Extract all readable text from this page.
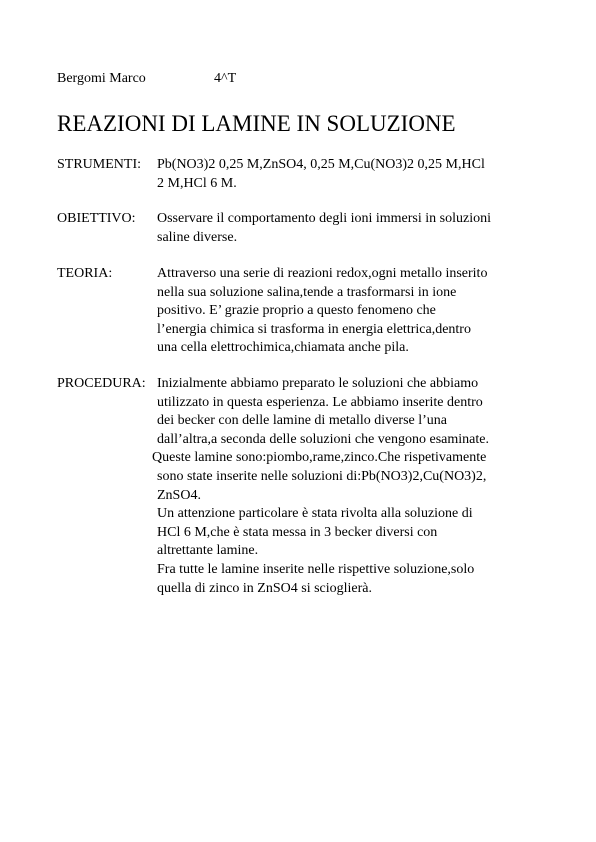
Bergomi Marco	4^T
REAZIONI DI LAMINE IN SOLUZIONE
STRUMENTI: Pb(NO3)2 0,25 M,ZnSO4, 0,25 M,Cu(NO3)2 0,25 M,HCl

2 M,HCl 6 M.

OBIETTIVO: Osservare il comportamento degli ioni immersi in soluzioni

saline diverse.

TEORIA:	Attraverso una serie di reazioni redox,ogni metallo inserito

nella sua soluzione salina,tende a trasformarsi in ione

positivo. E’ grazie proprio a questo fenomeno che

l’energia chimica si trasforma in energia elettrica,dentro

una cella elettrochimica,chiamata anche pila.

PROCEDURA: Inizialmente abbiamo preparato le soluzioni che abbiamo

utilizzato in questa esperienza. Le abbiamo inserite dentro

dei becker con delle lamine di metallo diverse l’una

dall’altra,a seconda delle soluzioni che vengono esaminate.

Queste lamine sono:piombo,rame,zinco.Che rispetivamente

sono state inserite nelle soluzioni di:Pb(NO3)2,Cu(NO3)2,

ZnSO4.

Un attenzione particolare è stata rivolta alla soluzione di

HCl 6 M,che è stata messa in 3 becker diversi con

altrettante lamine.

Fra tutte le lamine inserite nelle rispettive soluzione,solo

quella di zinco in ZnSO4 si scioglierà.
